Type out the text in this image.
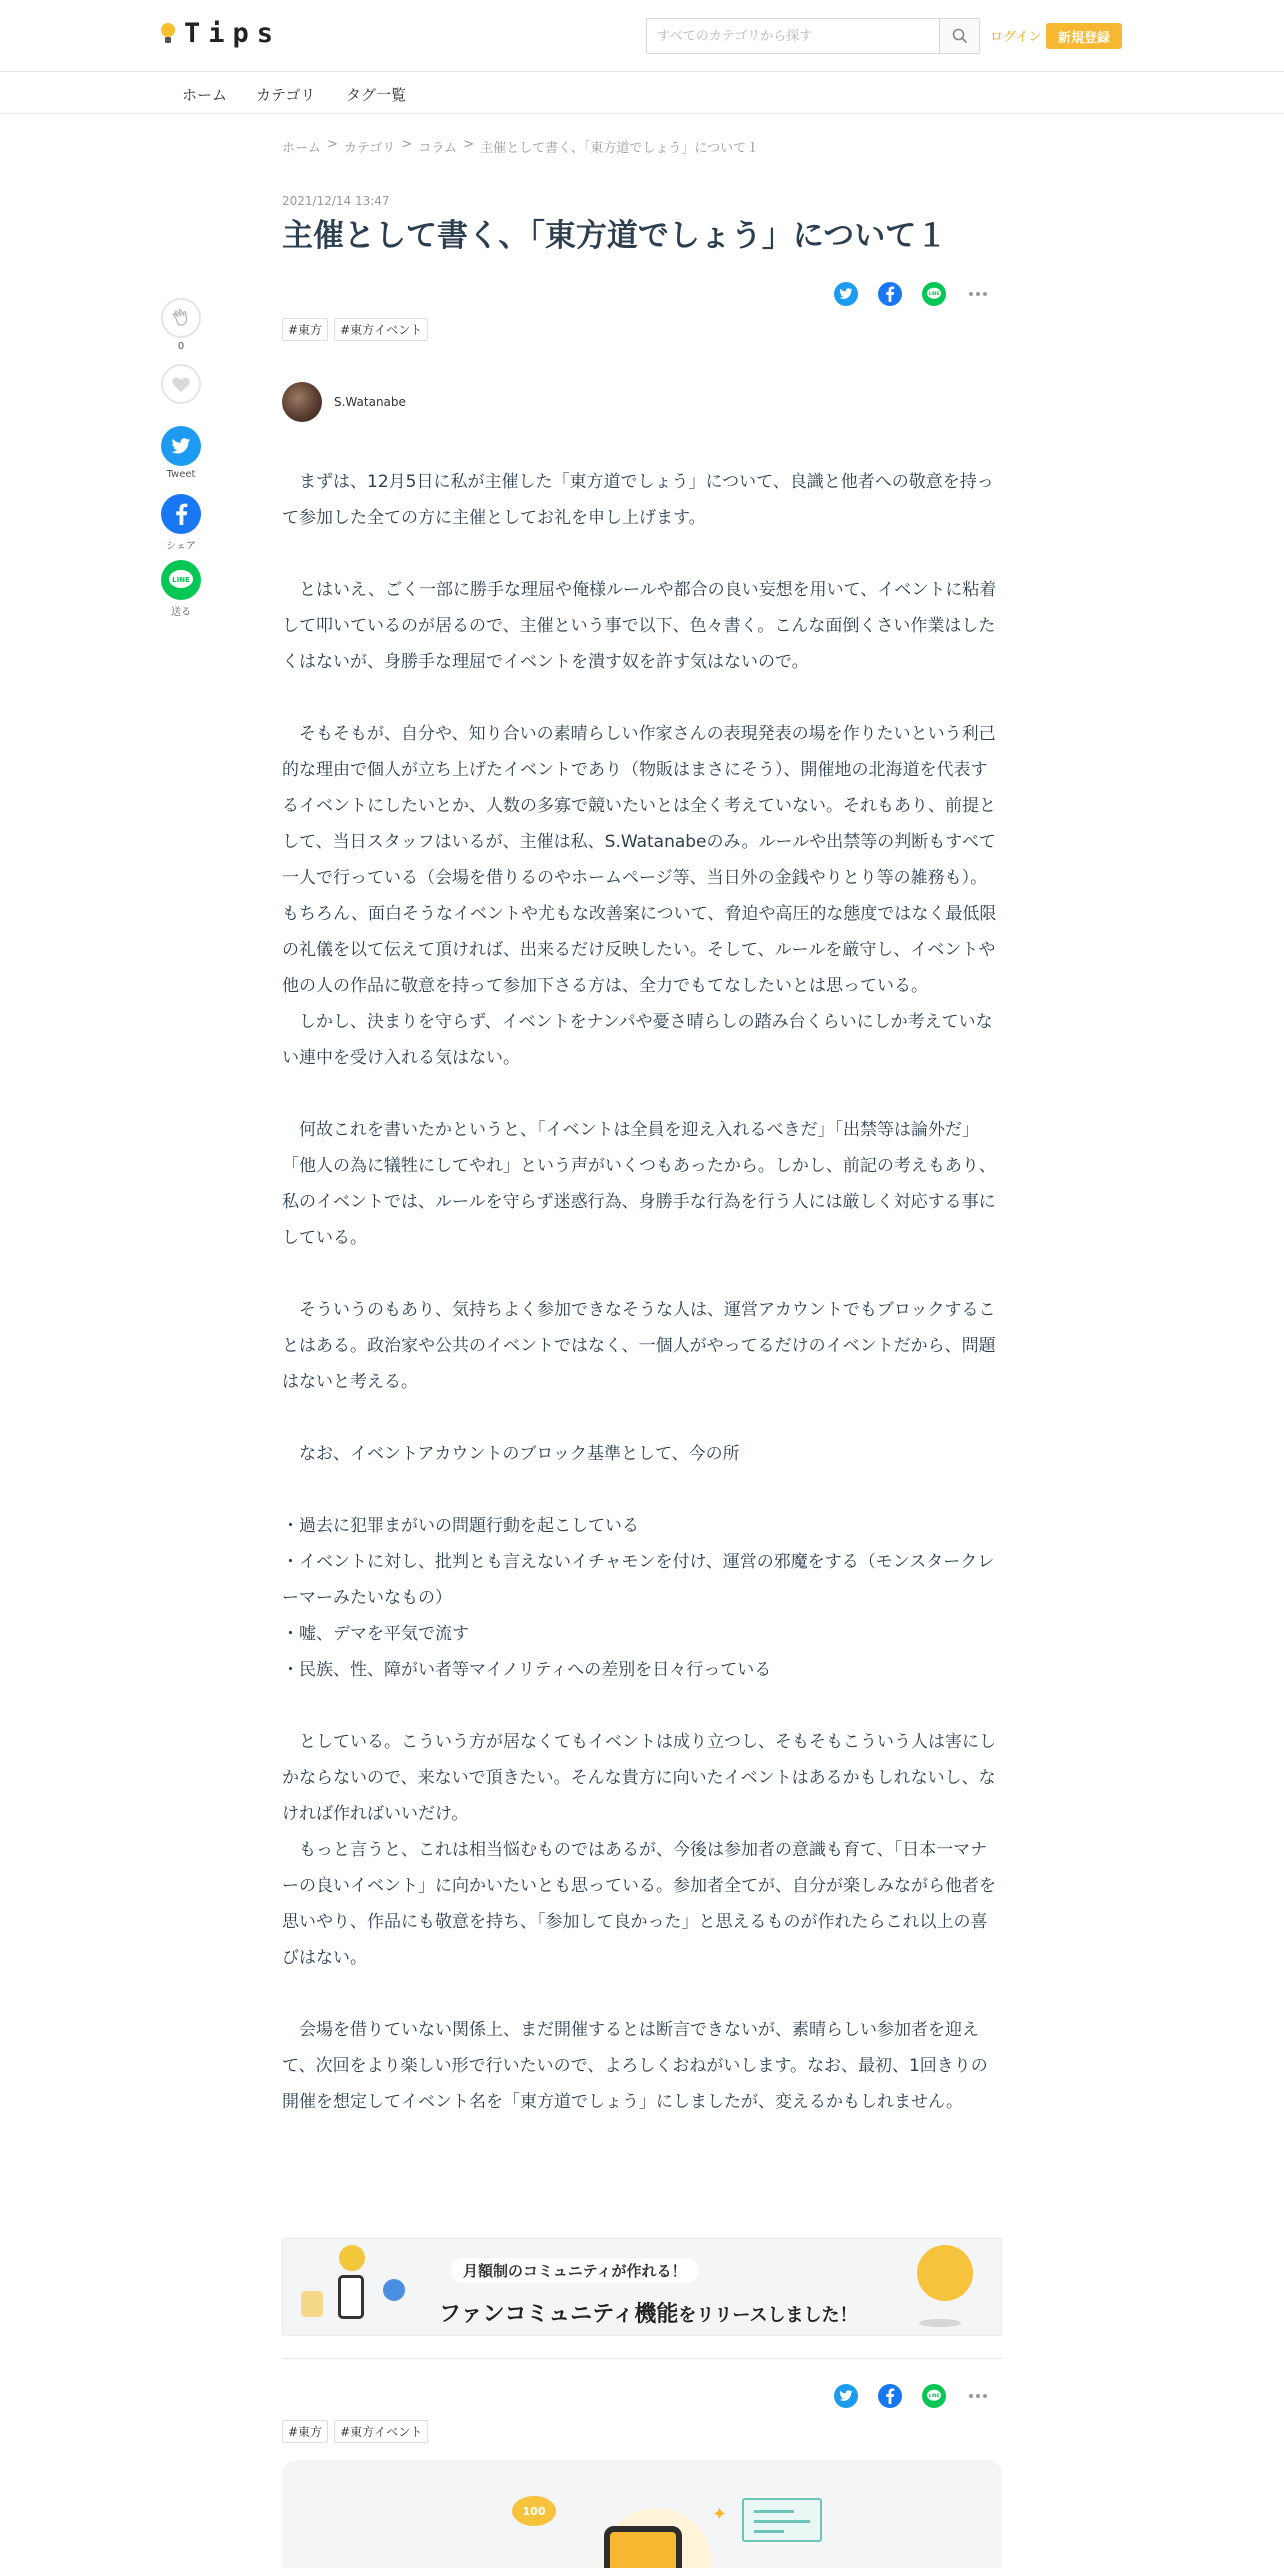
Tips
すべてのカテゴリから探す	ログイン	新規登録
ホーム カテゴリ タグ一覧
ホーム > カテゴリ > コラム > 主催として書く、「東方道でしょう」について１
2021/12/14 13:47
主催として書く、「東方道でしょう」について１
LINE
#東方	#東方イベント
0
Tweet
シェア
LINE
送る
S.Watanabe

　まずは、12月5日に私が主催した「東方道でしょう」について、良識と他者への敬意を持って参加した全ての方に主催としてお礼を申し上げます。

　とはいえ、ごく一部に勝手な理屈や俺様ルールや都合の良い妄想を用いて、イベントに粘着して叩いているのが居るので、主催という事で以下、色々書く。こんな面倒くさい作業はしたくはないが、身勝手な理屈でイベントを潰す奴を許す気はないので。

　そもそもが、自分や、知り合いの素晴らしい作家さんの表現発表の場を作りたいという利己的な理由で個人が立ち上げたイベントであり（物販はまさにそう）、開催地の北海道を代表するイベントにしたいとか、人数の多寡で競いたいとは全く考えていない。それもあり、前提として、当日スタッフはいるが、主催は私、S.Watanabeのみ。ルールや出禁等の判断もすべて一人で行っている（会場を借りるのやホームページ等、当日外の金銭やりとり等の雑務も）。もちろん、面白そうなイベントや尤もな改善案について、脅迫や高圧的な態度ではなく最低限の礼儀を以て伝えて頂ければ、出来るだけ反映したい。そして、ルールを厳守し、イベントや他の人の作品に敬意を持って参加下さる方は、全力でもてなしたいとは思っている。

　しかし、決まりを守らず、イベントをナンパや憂さ晴らしの踏み台くらいにしか考えていない連中を受け入れる気はない。

　何故これを書いたかというと、「イベントは全員を迎え入れるべきだ」「出禁等は論外だ」「他人の為に犠牲にしてやれ」という声がいくつもあったから。しかし、前記の考えもあり、私のイベントでは、ルールを守らず迷惑行為、身勝手な行為を行う人には厳しく対応する事にしている。

　そういうのもあり、気持ちよく参加できなそうな人は、運営アカウントでもブロックすることはある。政治家や公共のイベントではなく、一個人がやってるだけのイベントだから、問題はないと考える。

　なお、イベントアカウントのブロック基準として、今の所

・過去に犯罪まがいの問題行動を起こしている

・イベントに対し、批判とも言えないイチャモンを付け、運営の邪魔をする（モンスタークレーマーみたいなもの）

・嘘、デマを平気で流す

・民族、性、障がい者等マイノリティへの差別を日々行っている

　としている。こういう方が居なくてもイベントは成り立つし、そもそもこういう人は害にしかならないので、来ないで頂きたい。そんな貴方に向いたイベントはあるかもしれないし、なければ作ればいいだけ。

　もっと言うと、これは相当悩むものではあるが、今後は参加者の意識も育て、「日本一マナーの良いイベント」に向かいたいとも思っている。参加者全てが、自分が楽しみながら他者を思いやり、作品にも敬意を持ち、「参加して良かった」と思えるものが作れたらこれ以上の喜びはない。

　会場を借りていない関係上、まだ開催するとは断言できないが、素晴らしい参加者を迎えて、次回をより楽しい形で行いたいので、よろしくおねがいします。なお、最初、1回きりの開催を想定してイベント名を「東方道でしょう」にしましたが、変えるかもしれません。

月額制のコミュニティが作れる！
ファンコミュニティ機能をリリースしました！
LINE
#東方	#東方イベント
100	✦
